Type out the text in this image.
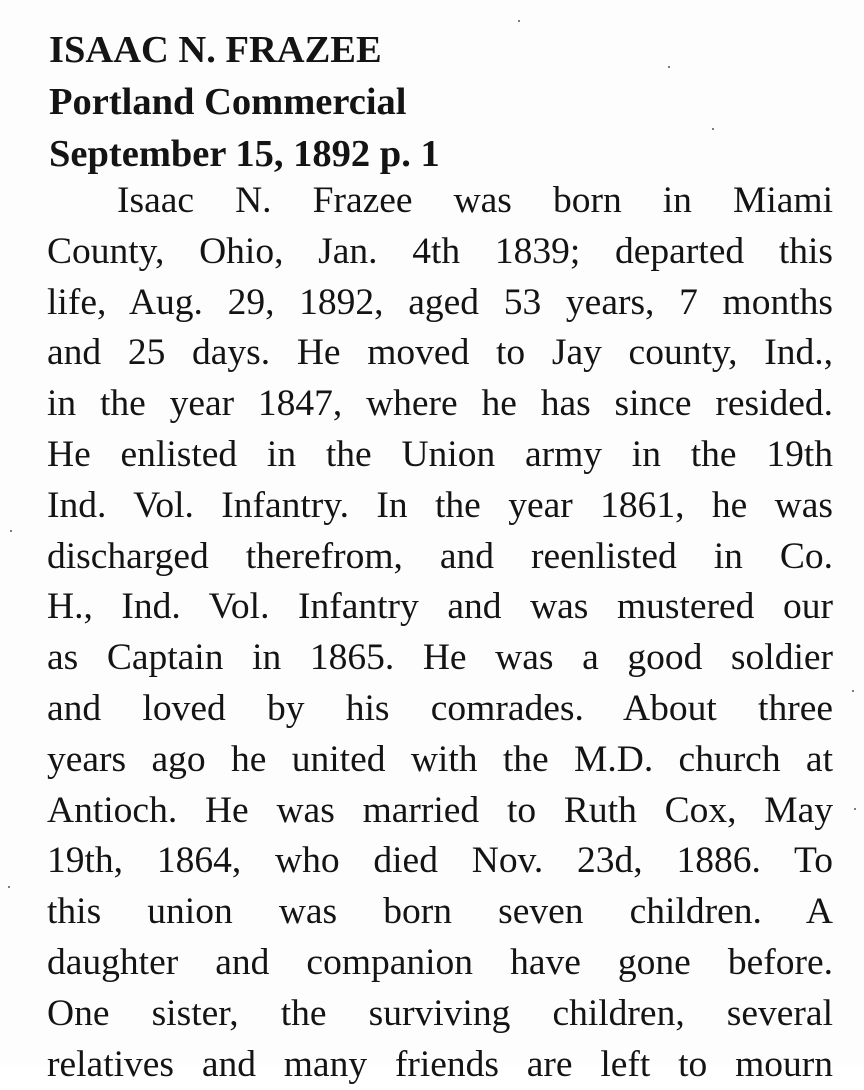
ISAAC N. FRAZEE
Portland Commercial
September 15, 1892 p. 1
Isaac N. Frazee was born in Miami
County, Ohio, Jan. 4th 1839; departed this
life, Aug. 29, 1892, aged 53 years, 7 months
and 25 days. He moved to Jay county, Ind.,
in the year 1847, where he has since resided.
He enlisted in the Union army in the 19th
Ind. Vol. Infantry. In the year 1861, he was
discharged therefrom, and reenlisted in Co.
H., Ind. Vol. Infantry and was mustered our
as Captain in 1865. He was a good soldier
and loved by his comrades. About three
years ago he united with the M.D. church at
Antioch. He was married to Ruth Cox, May
19th, 1864, who died Nov. 23d, 1886. To
this union was born seven children. A
daughter and companion have gone before.
One sister, the surviving children, several
relatives and many friends are left to mourn
